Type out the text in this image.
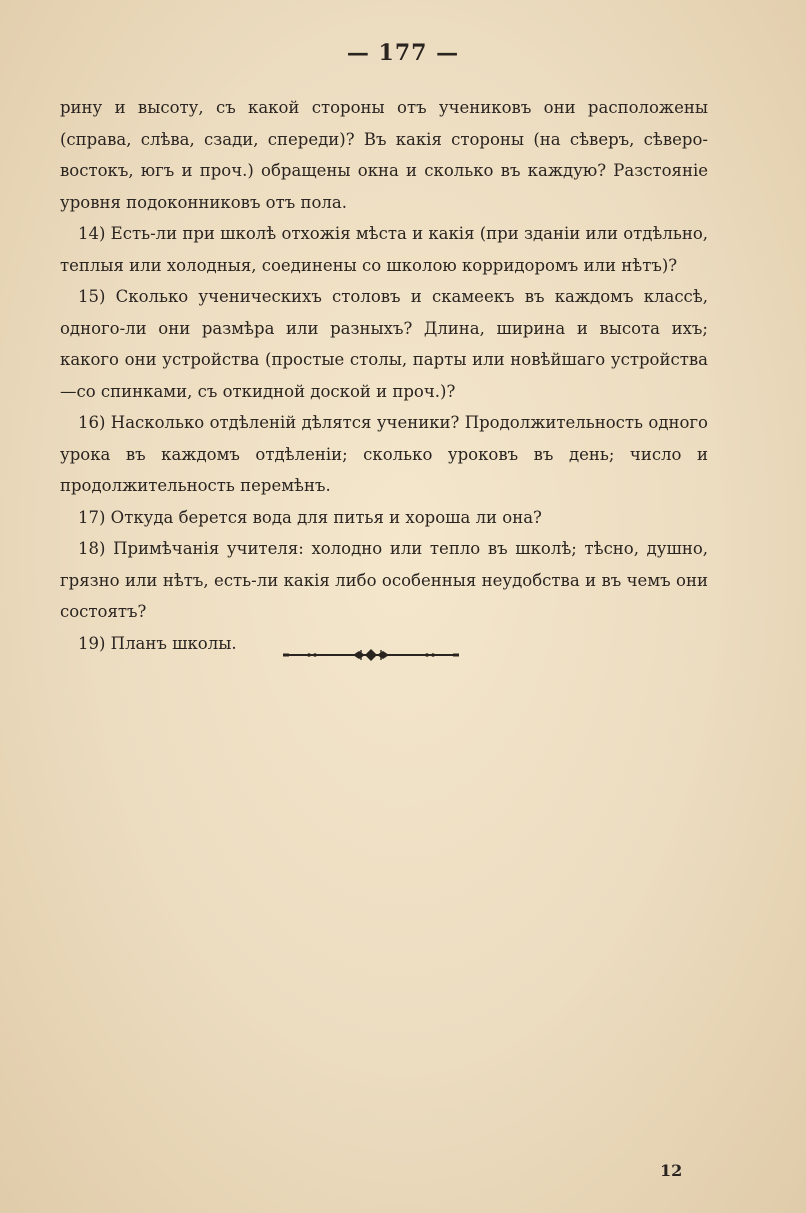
— 177 —

рину и высоту, съ какой стороны отъ учениковъ они расположены (справа, слѣва, сзади, спереди)? Въ какія стороны (на сѣверъ, сѣверо-востокъ, югъ и проч.) обращены окна и сколько въ каждую? Разстояніе уровня подоконниковъ отъ пола.

14) Есть-ли при школѣ отхожія мѣста и какія (при зданіи или отдѣльно, теплыя или холодныя, соединены со школою корридоромъ или нѣтъ)?

15) Сколько ученическихъ столовъ и скамеекъ въ каждомъ классѣ, одного-ли они размѣра или разныхъ? Длина, ширина и высота ихъ; какого они устройства (простые столы, парты или новѣйшаго устройства—со спинками, съ откидной доской и проч.)?

16) Насколько отдѣленій дѣлятся ученики? Продолжительность одного урока въ каждомъ отдѣленіи; сколько уроковъ въ день; число и продолжительность перемѣнъ.

17) Откуда берется вода для питья и хороша ли она?

18) Примѣчанія учителя: холодно или тепло въ школѣ; тѣсно, душно, грязно или нѣтъ, есть-ли какія либо особенныя неудобства и въ чемъ они состоятъ?

19) Планъ школы.

12
